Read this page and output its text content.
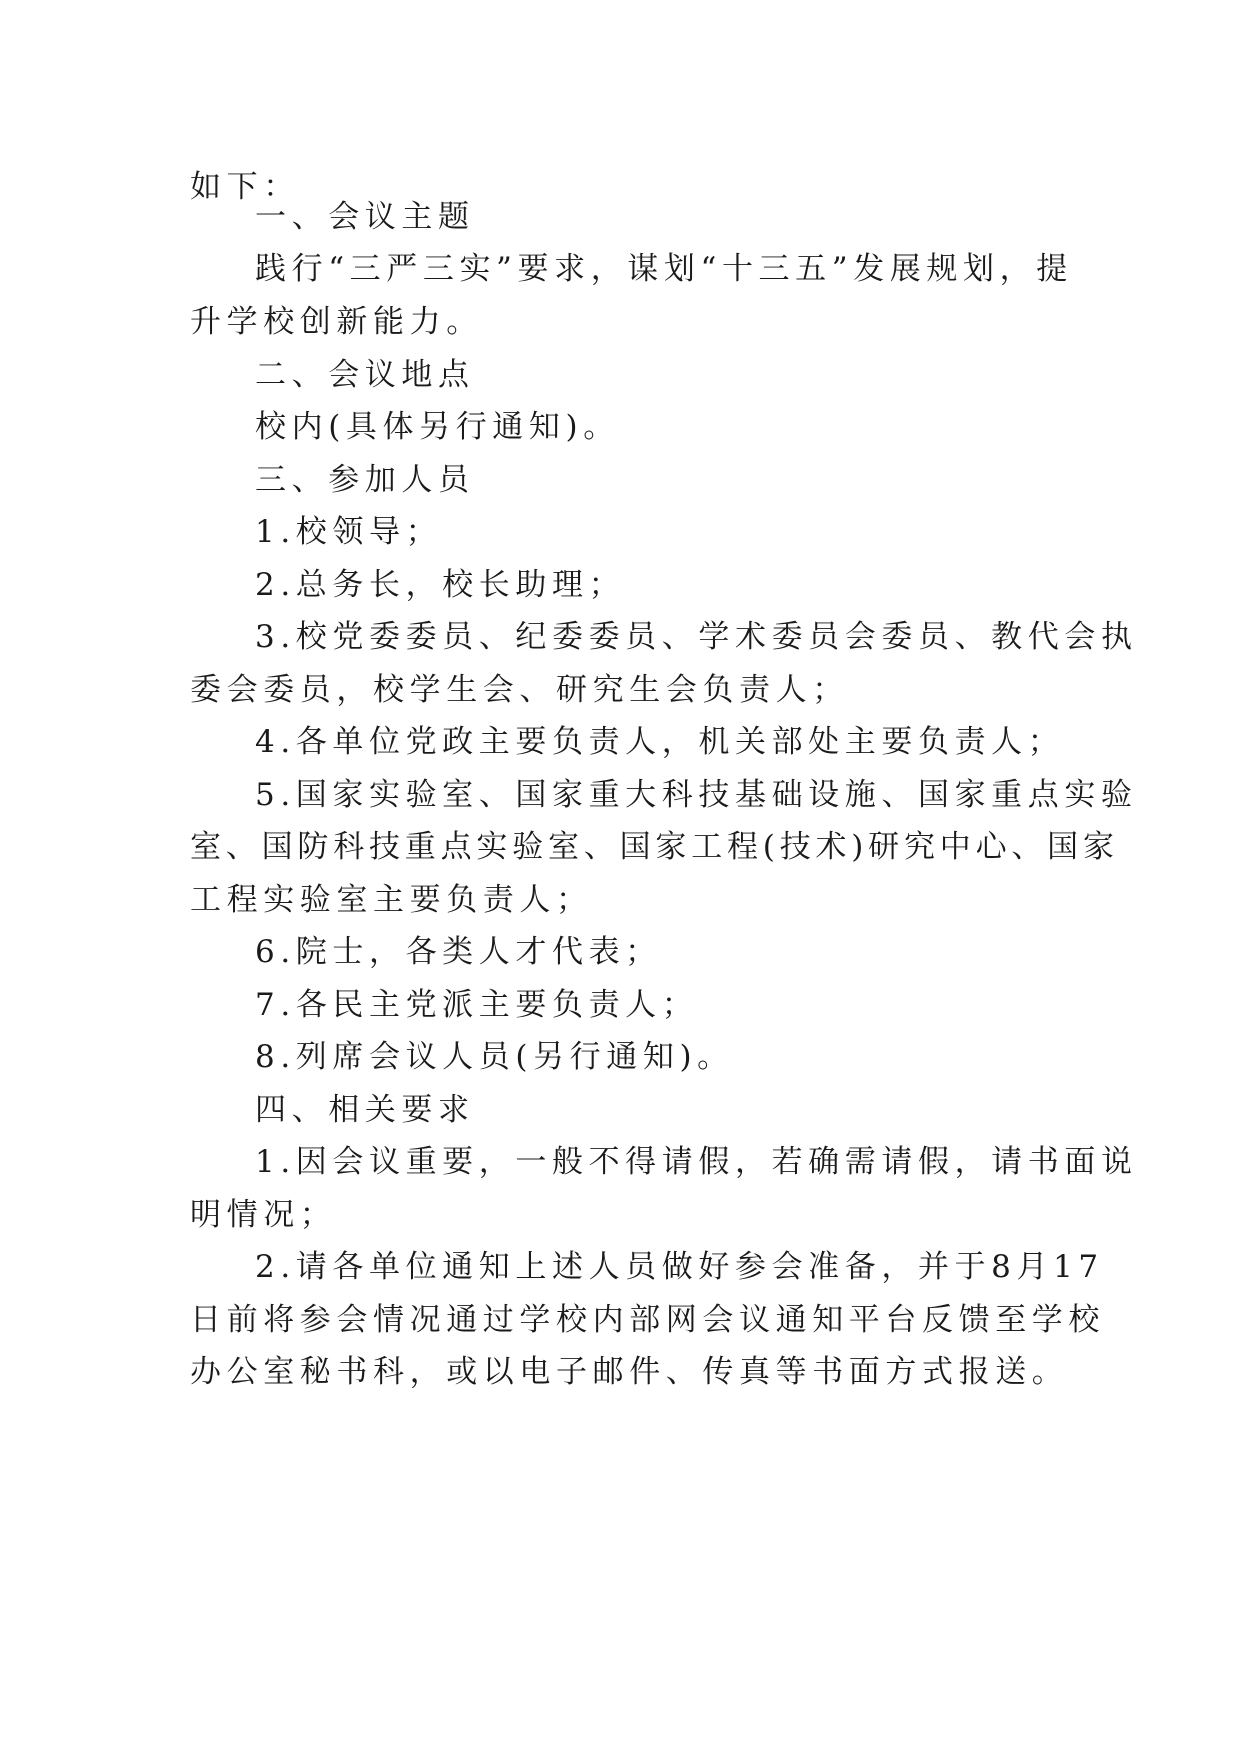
如下：

一、会议主题

践行“三严三实”要求，谋划“十三五”发展规划，提

升学校创新能力。

二、会议地点

校内(具体另行通知)。

三、参加人员

1.校领导；

2.总务长，校长助理；

3.校党委委员、纪委委员、学术委员会委员、教代会执

委会委员，校学生会、研究生会负责人；

4.各单位党政主要负责人，机关部处主要负责人；

5.国家实验室、国家重大科技基础设施、国家重点实验

室、国防科技重点实验室、国家工程(技术)研究中心、国家

工程实验室主要负责人；

6.院士，各类人才代表；

7.各民主党派主要负责人；

8.列席会议人员(另行通知)。

四、相关要求

1.因会议重要，一般不得请假，若确需请假，请书面说

明情况；

2.请各单位通知上述人员做好参会准备，并于8月17

日前将参会情况通过学校内部网会议通知平台反馈至学校

办公室秘书科，或以电子邮件、传真等书面方式报送。
